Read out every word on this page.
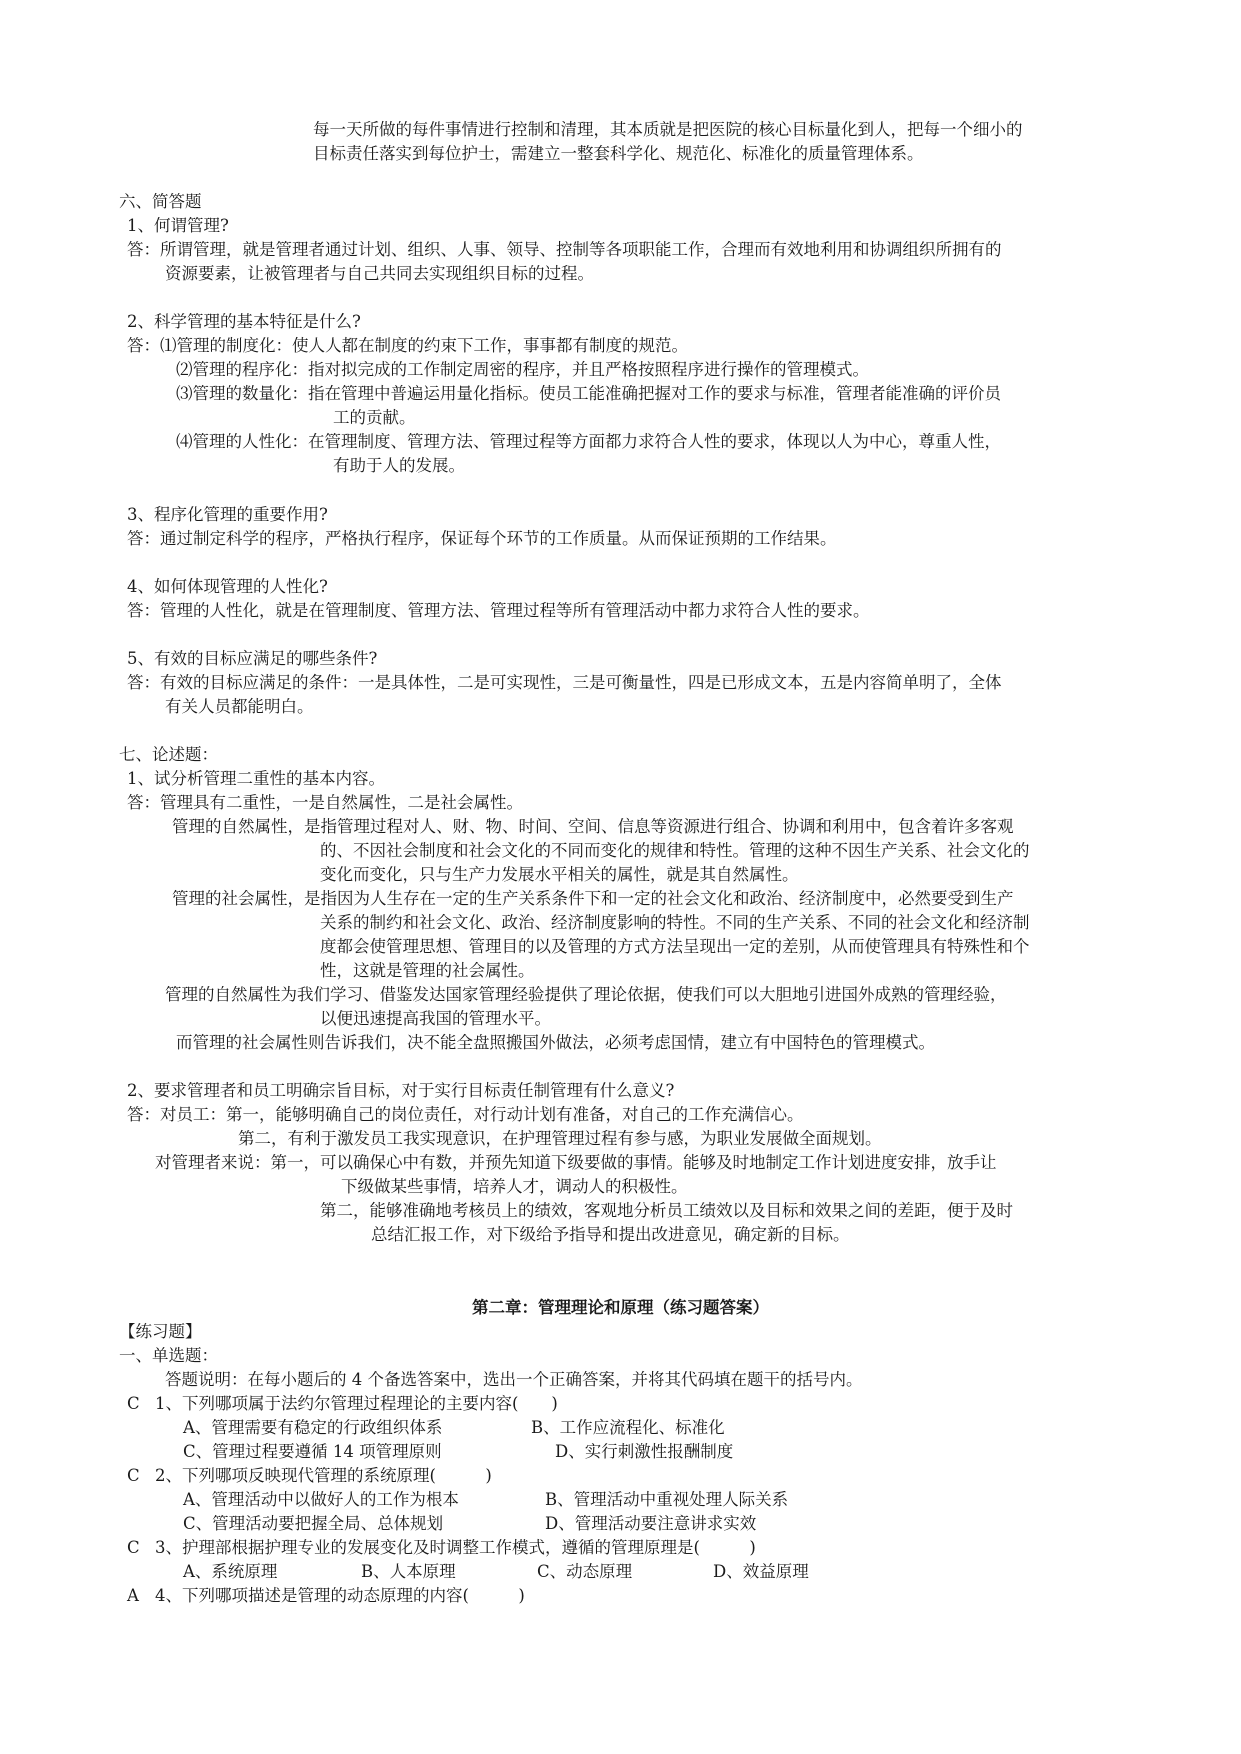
每一天所做的每件事情进行控制和清理，其本质就是把医院的核心目标量化到人，把每一个细小的
目标责任落实到每位护士，需建立一整套科学化、规范化、标准化的质量管理体系。
六、简答题
1、何谓管理?
答：所谓管理，就是管理者通过计划、组织、人事、领导、控制等各项职能工作，合理而有效地利用和协调组织所拥有的
资源要素，让被管理者与自己共同去实现组织目标的过程。
2、科学管理的基本特征是什么?
答：⑴管理的制度化：使人人都在制度的约束下工作，事事都有制度的规范。
⑵管理的程序化：指对拟完成的工作制定周密的程序，并且严格按照程序进行操作的管理模式。
⑶管理的数量化：指在管理中普遍运用量化指标。使员工能准确把握对工作的要求与标准，管理者能准确的评价员
工的贡献。
⑷管理的人性化：在管理制度、管理方法、管理过程等方面都力求符合人性的要求，体现以人为中心，尊重人性，
有助于人的发展。
3、程序化管理的重要作用?
答：通过制定科学的程序，严格执行程序，保证每个环节的工作质量。从而保证预期的工作结果。
4、如何体现管理的人性化?
答：管理的人性化，就是在管理制度、管理方法、管理过程等所有管理活动中都力求符合人性的要求。
5、有效的目标应满足的哪些条件?
答：有效的目标应满足的条件：一是具体性，二是可实现性，三是可衡量性，四是已形成文本，五是内容简单明了，全体
有关人员都能明白。
七、论述题：
1、试分析管理二重性的基本内容。
答：管理具有二重性，一是自然属性，二是社会属性。
管理的自然属性，是指管理过程对人、财、物、时间、空间、信息等资源进行组合、协调和利用中，包含着许多客观
的、不因社会制度和社会文化的不同而变化的规律和特性。管理的这种不因生产关系、社会文化的
变化而变化，只与生产力发展水平相关的属性，就是其自然属性。
管理的社会属性，是指因为人生存在一定的生产关系条件下和一定的社会文化和政治、经济制度中，必然要受到生产
关系的制约和社会文化、政治、经济制度影响的特性。不同的生产关系、不同的社会文化和经济制
度都会使管理思想、管理目的以及管理的方式方法呈现出一定的差别，从而使管理具有特殊性和个
性，这就是管理的社会属性。
管理的自然属性为我们学习、借鉴发达国家管理经验提供了理论依据，使我们可以大胆地引进国外成熟的管理经验，
以便迅速提高我国的管理水平。
而管理的社会属性则告诉我们，决不能全盘照搬国外做法，必须考虑国情，建立有中国特色的管理模式。
2、要求管理者和员工明确宗旨目标，对于实行目标责任制管理有什么意义?
答：对员工：第一，能够明确自己的岗位责任，对行动计划有准备，对自己的工作充满信心。
第二，有利于激发员工我实现意识，在护理管理过程有参与感，为职业发展做全面规划。
对管理者来说：第一，可以确保心中有数，并预先知道下级要做的事情。能够及时地制定工作计划进度安排，放手让
下级做某些事情，培养人才，调动人的积极性。
第二，能够准确地考核员上的绩效，客观地分析员工绩效以及目标和效果之间的差距，便于及时
总结汇报工作，对下级给予指导和提出改进意见，确定新的目标。
第二章：管理理论和原理（练习题答案）
【练习题】
一、单选题：
答题说明：在每小题后的 4 个备选答案中，选出一个正确答案，并将其代码填在题干的括号内。
C 1、下列哪项属于法约尔管理过程理论的主要内容(　　)
A、管理需要有稳定的行政组织体系	B、工作应流程化、标准化
C、管理过程要遵循 14 项管理原则	D、实行刺激性报酬制度
C 2、下列哪项反映现代管理的系统原理(　　　)
A、管理活动中以做好人的工作为根本	B、管理活动中重视处理人际关系
C、管理活动要把握全局、总体规划	D、管理活动要注意讲求实效
C 3、护理部根据护理专业的发展变化及时调整工作模式，遵循的管理原理是(　　　)
A、系统原理	B、人本原理	C、动态原理	D、效益原理
A 4、下列哪项描述是管理的动态原理的内容(　　　)
